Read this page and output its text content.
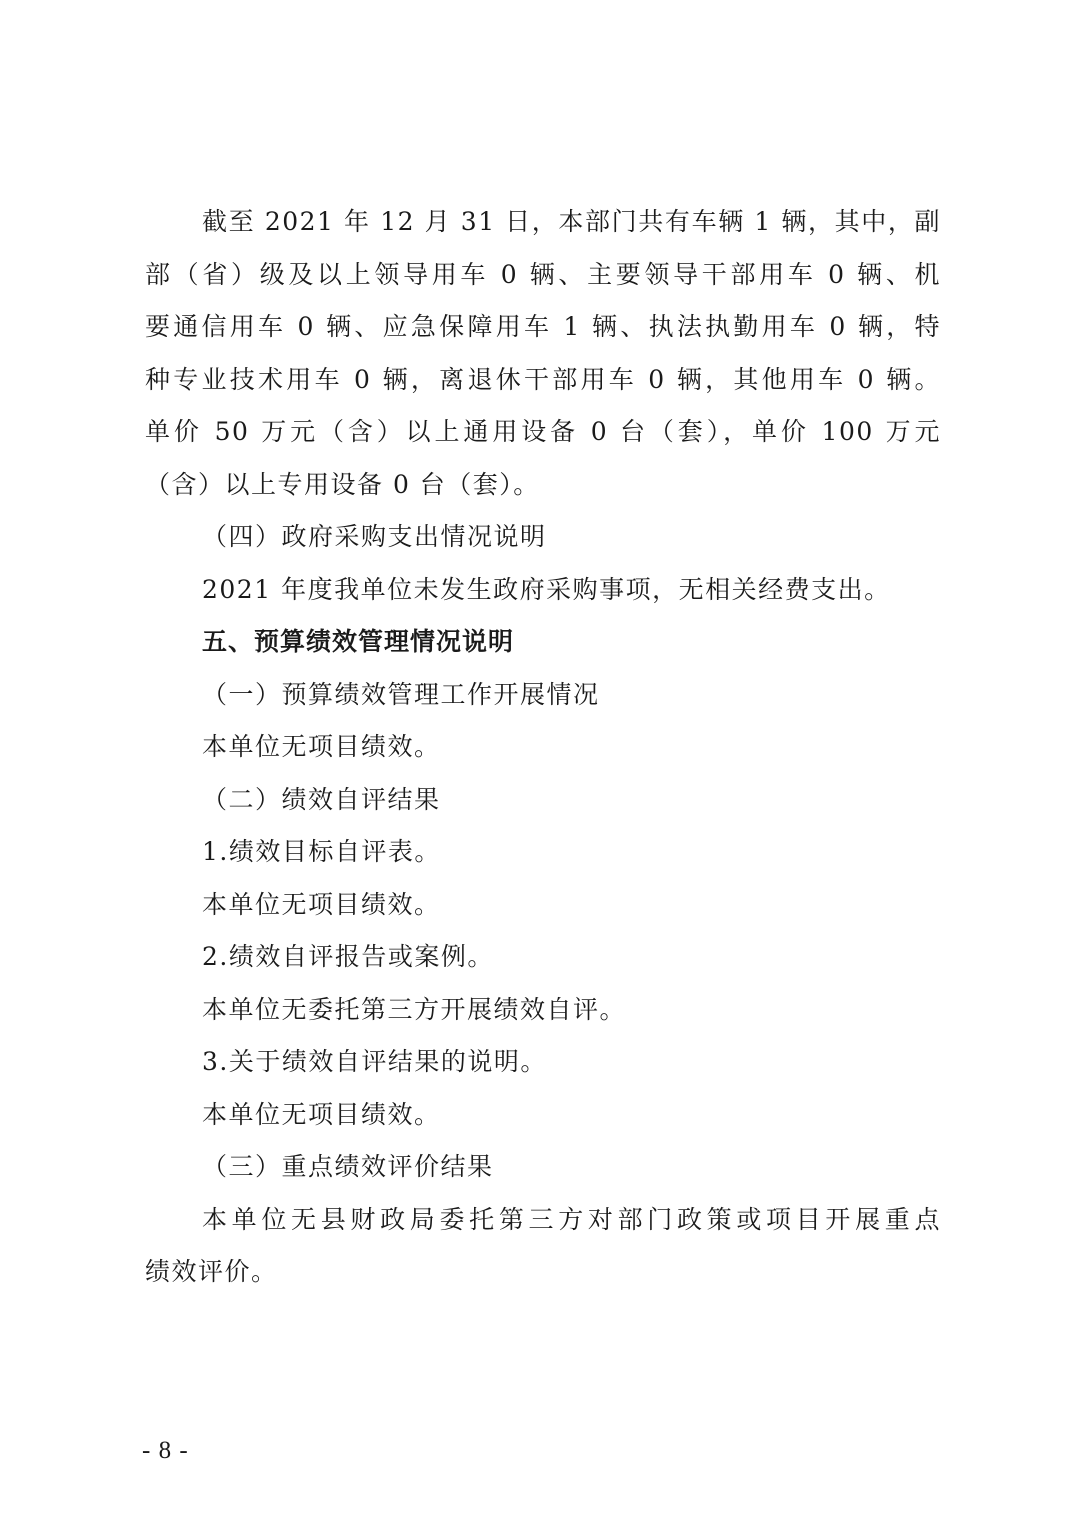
截至 2021 年 12 月 31 日，本部门共有车辆 1 辆，其中，副
部（省）级及以上领导用车 0 辆、主要领导干部用车 0 辆、机
要通信用车 0 辆、应急保障用车 1 辆、执法执勤用车 0 辆，特
种专业技术用车 0 辆，离退休干部用车 0 辆，其他用车 0 辆。
单价 50 万元（含）以上通用设备 0 台（套），单价 100 万元
（含）以上专用设备 0 台（套）。
（四）政府采购支出情况说明
2021 年度我单位未发生政府采购事项，无相关经费支出。
五、预算绩效管理情况说明
（一）预算绩效管理工作开展情况
本单位无项目绩效。
（二）绩效自评结果
1.绩效目标自评表。
本单位无项目绩效。
2.绩效自评报告或案例。
本单位无委托第三方开展绩效自评。
3.关于绩效自评结果的说明。
本单位无项目绩效。
（三）重点绩效评价结果
本单位无县财政局委托第三方对部门政策或项目开展重点
绩效评价。
- 8 -
